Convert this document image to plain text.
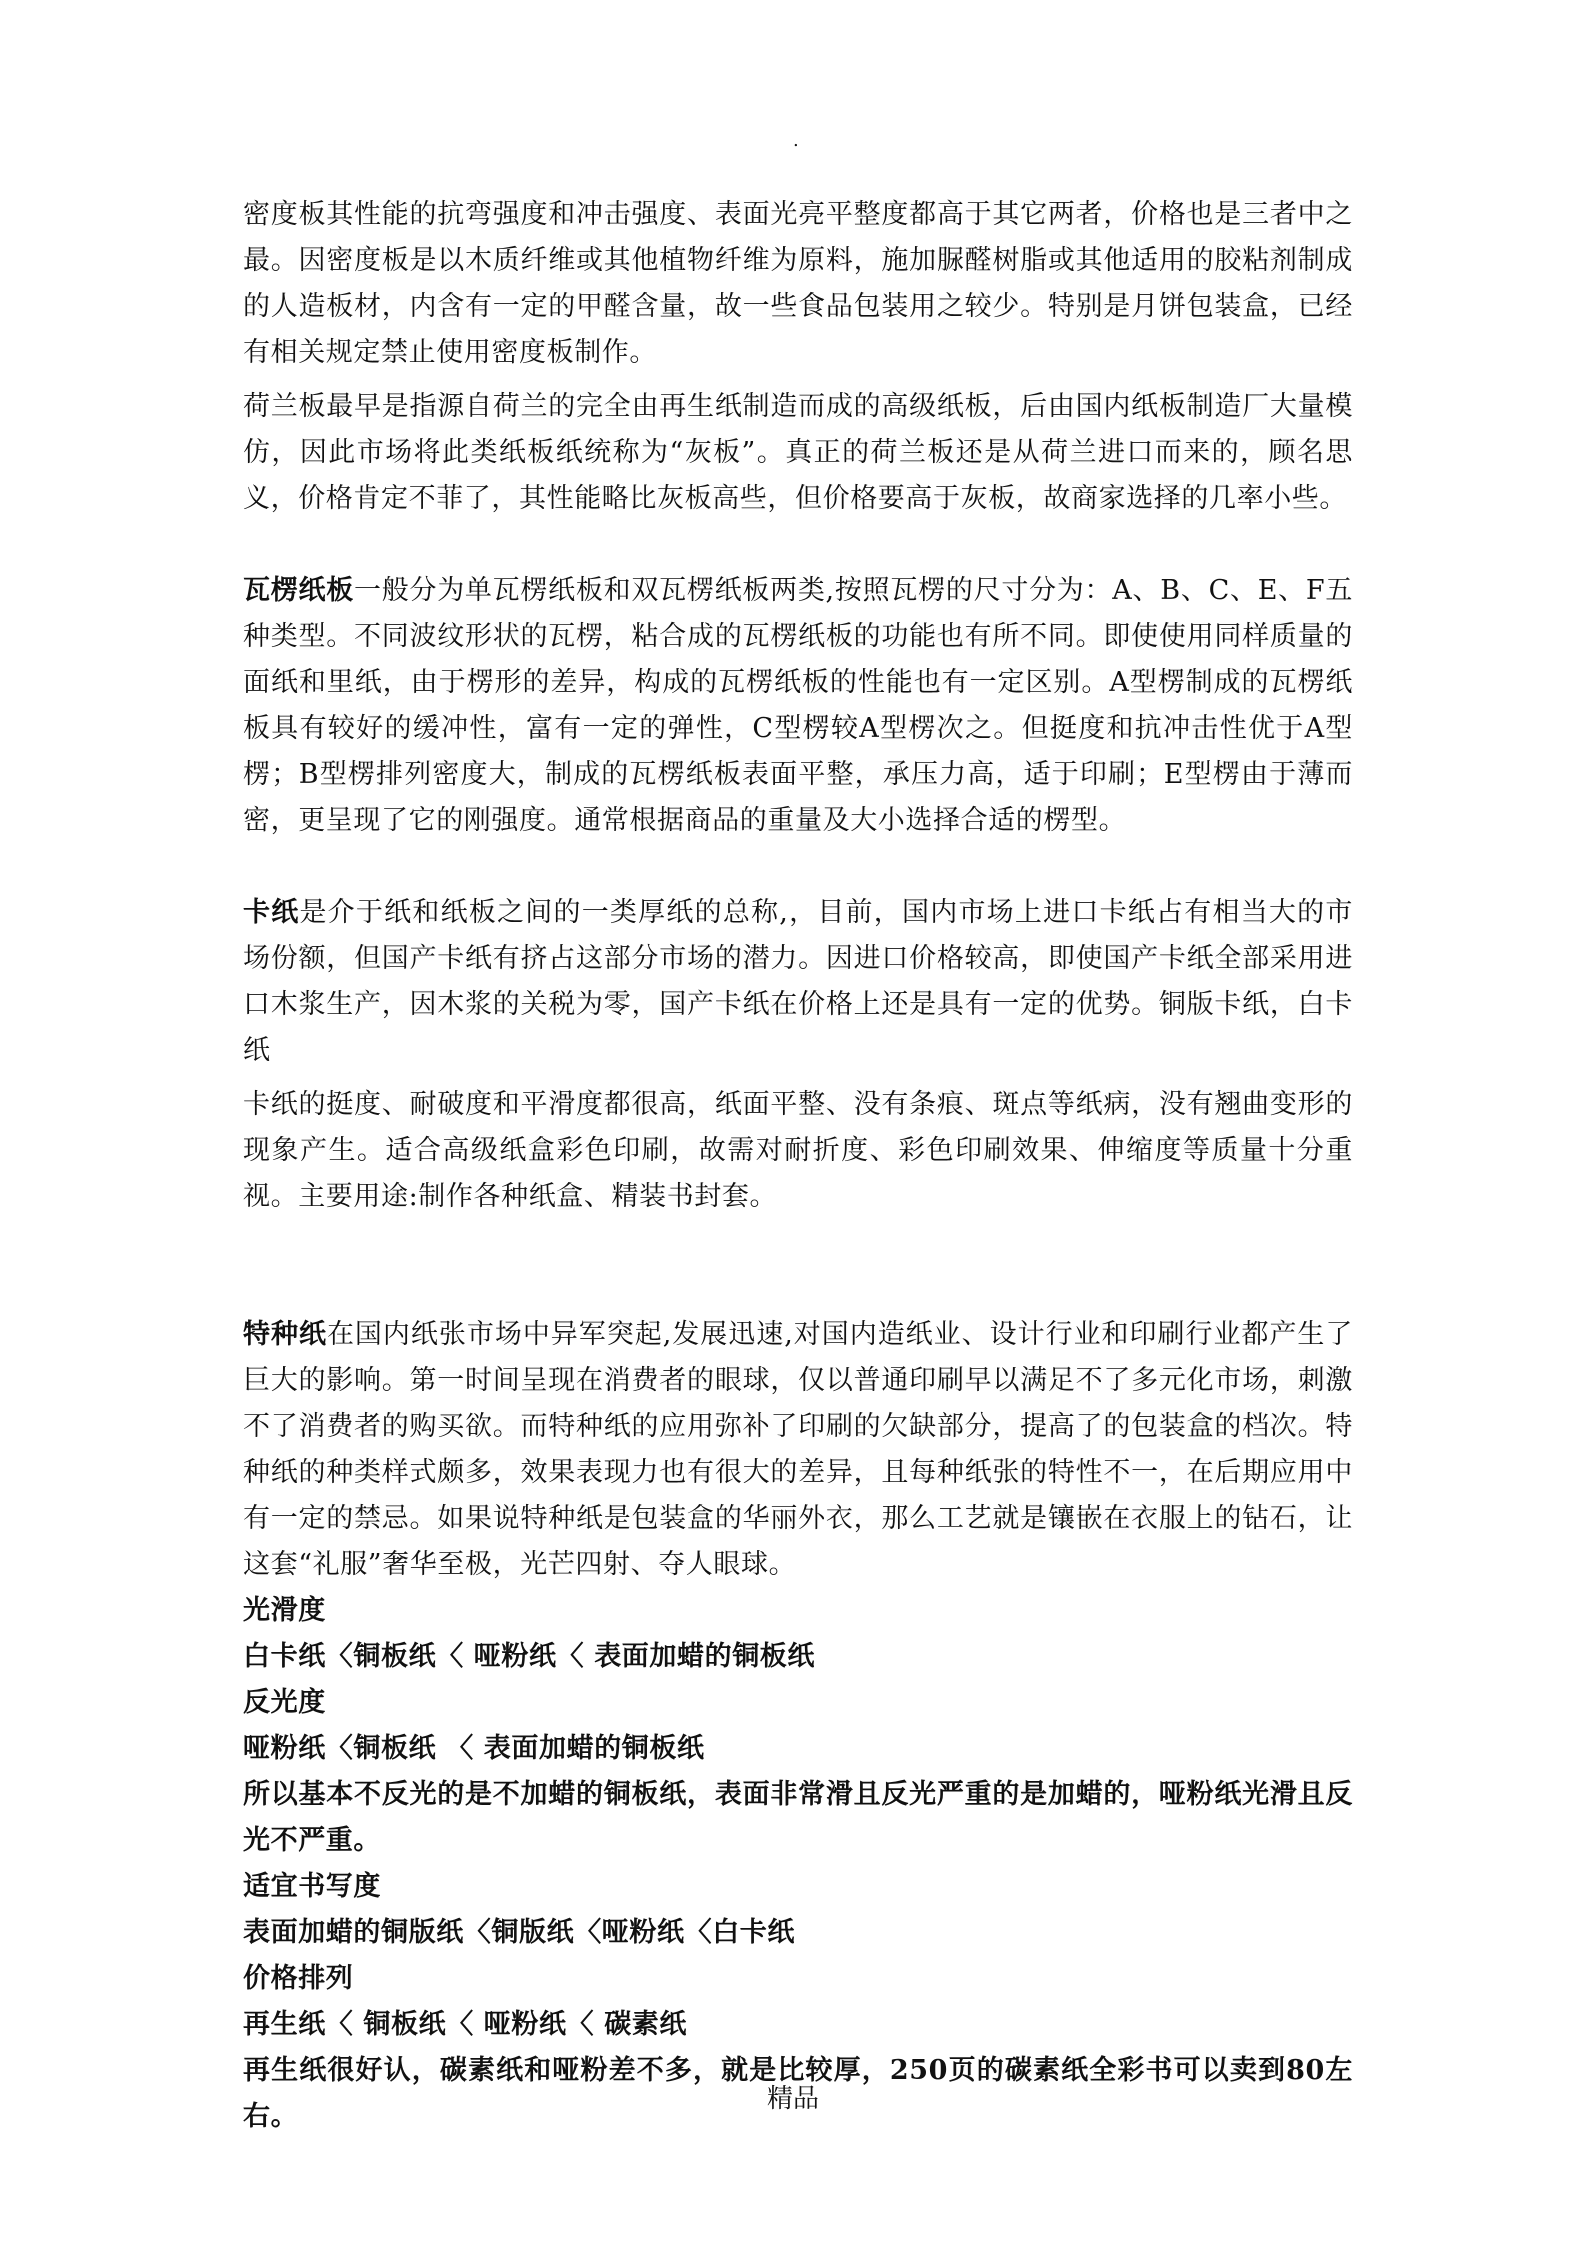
.

密度板其性能的抗弯强度和冲击强度、表面光亮平整度都高于其它两者，价格也是三者中之最。因密度板是以木质纤维或其他植物纤维为原料，施加脲醛树脂或其他适用的胶粘剂制成的人造板材，内含有一定的甲醛含量，故一些食品包装用之较少。特别是月饼包装盒，已经有相关规定禁止使用密度板制作。

荷兰板最早是指源自荷兰的完全由再生纸制造而成的高级纸板，后由国内纸板制造厂大量模仿，因此市场将此类纸板纸统称为“灰板”。真正的荷兰板还是从荷兰进口而来的，顾名思义，价格肯定不菲了，其性能略比灰板高些，但价格要高于灰板，故商家选择的几率小些。

瓦楞纸板一般分为单瓦楞纸板和双瓦楞纸板两类,按照瓦楞的尺寸分为：A、B、C、E、F五种类型。不同波纹形状的瓦楞，粘合成的瓦楞纸板的功能也有所不同。即使使用同样质量的面纸和里纸，由于楞形的差异，构成的瓦楞纸板的性能也有一定区别。A型楞制成的瓦楞纸板具有较好的缓冲性，富有一定的弹性，C型楞较A型楞次之。但挺度和抗冲击性优于A型楞；B型楞排列密度大，制成的瓦楞纸板表面平整，承压力高，适于印刷；E型楞由于薄而密，更呈现了它的刚强度。通常根据商品的重量及大小选择合适的楞型。

卡纸是介于纸和纸板之间的一类厚纸的总称,，目前，国内市场上进口卡纸占有相当大的市场份额，但国产卡纸有挤占这部分市场的潜力。因进口价格较高，即使国产卡纸全部采用进口木浆生产，因木浆的关税为零，国产卡纸在价格上还是具有一定的优势。铜版卡纸，白卡纸

卡纸的挺度、耐破度和平滑度都很高，纸面平整、没有条痕、斑点等纸病，没有翘曲变形的现象产生。适合高级纸盒彩色印刷，故需对耐折度、彩色印刷效果、伸缩度等质量十分重视。主要用途:制作各种纸盒、精装书封套。

特种纸在国内纸张市场中异军突起,发展迅速,对国内造纸业、设计行业和印刷行业都产生了巨大的影响。第一时间呈现在消费者的眼球，仅以普通印刷早以满足不了多元化市场，刺激不了消费者的购买欲。而特种纸的应用弥补了印刷的欠缺部分，提高了的包装盒的档次。特种纸的种类样式颇多，效果表现力也有很大的差异，且每种纸张的特性不一，在后期应用中有一定的禁忌。如果说特种纸是包装盒的华丽外衣，那么工艺就是镶嵌在衣服上的钻石，让这套“礼服”奢华至极，光芒四射、夺人眼球。

光滑度

白卡纸〈铜板纸〈 哑粉纸〈 表面加蜡的铜板纸

反光度

哑粉纸〈铜板纸 〈 表面加蜡的铜板纸

所以基本不反光的是不加蜡的铜板纸，表面非常滑且反光严重的是加蜡的，哑粉纸光滑且反光不严重。

适宜书写度

表面加蜡的铜版纸〈铜版纸〈哑粉纸〈白卡纸

价格排列

再生纸〈 铜板纸〈 哑粉纸〈 碳素纸

再生纸很好认，碳素纸和哑粉差不多，就是比较厚，250页的碳素纸全彩书可以卖到80左右。

精品
